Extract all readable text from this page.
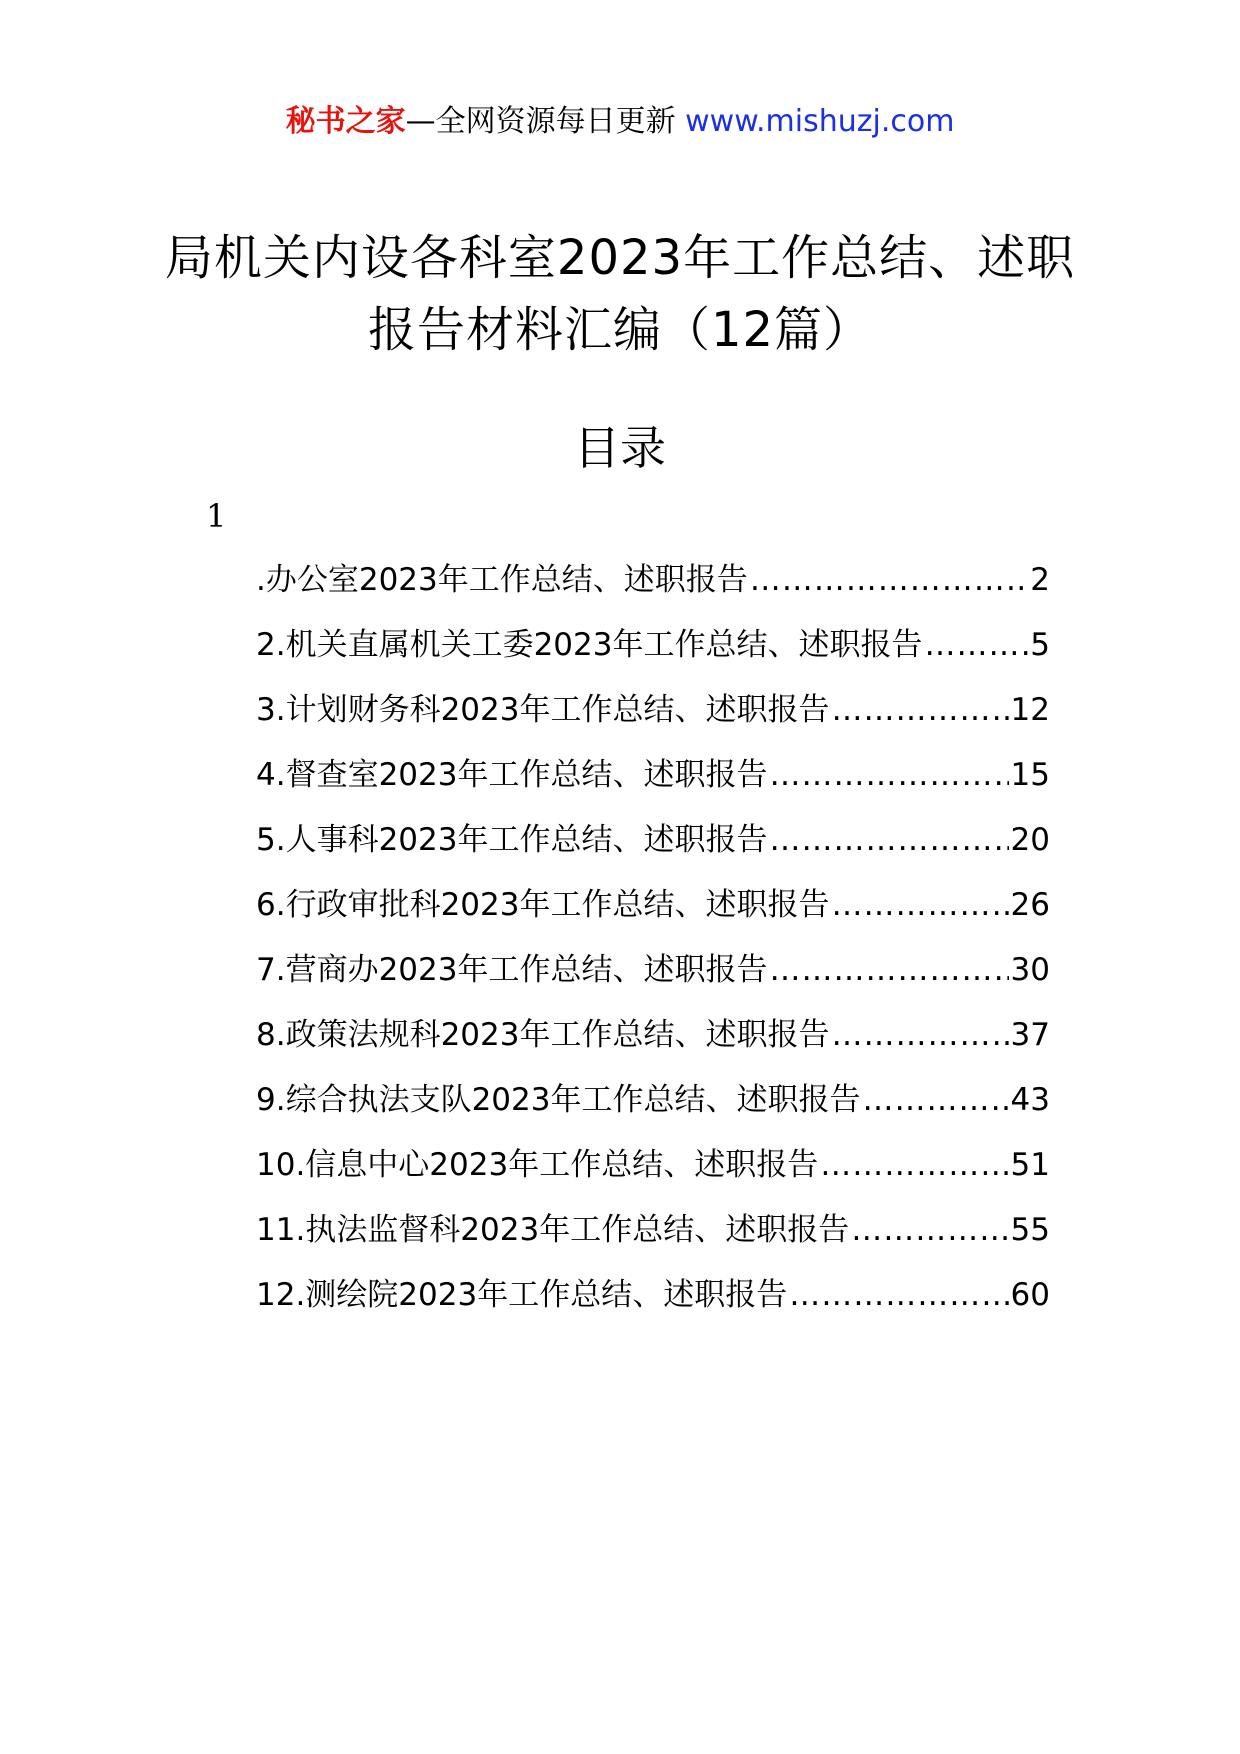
秘书之家—全网资源每日更新 www.mishuzj.com
局机关内设各科室2023年工作总结、述职报告材料汇编（12篇）
目录
1
.办公室2023年工作总结、述职报告 ……………………………………………………………………………………………………	2
2.机关直属机关工委2023年工作总结、述职报告 ……………………………………………………………………………………………………	5
3.计划财务科2023年工作总结、述职报告 ……………………………………………………………………………………………………	12
4.督查室2023年工作总结、述职报告 ……………………………………………………………………………………………………	15
5.人事科2023年工作总结、述职报告 ……………………………………………………………………………………………………	20
6.行政审批科2023年工作总结、述职报告 ……………………………………………………………………………………………………	26
7.营商办2023年工作总结、述职报告 ……………………………………………………………………………………………………	30
8.政策法规科2023年工作总结、述职报告 ……………………………………………………………………………………………………	37
9.综合执法支队2023年工作总结、述职报告 ……………………………………………………………………………………………………	43
10.信息中心2023年工作总结、述职报告 ……………………………………………………………………………………………………	51
11.执法监督科2023年工作总结、述职报告 ……………………………………………………………………………………………………	55
12.测绘院2023年工作总结、述职报告 ……………………………………………………………………………………………………	60
